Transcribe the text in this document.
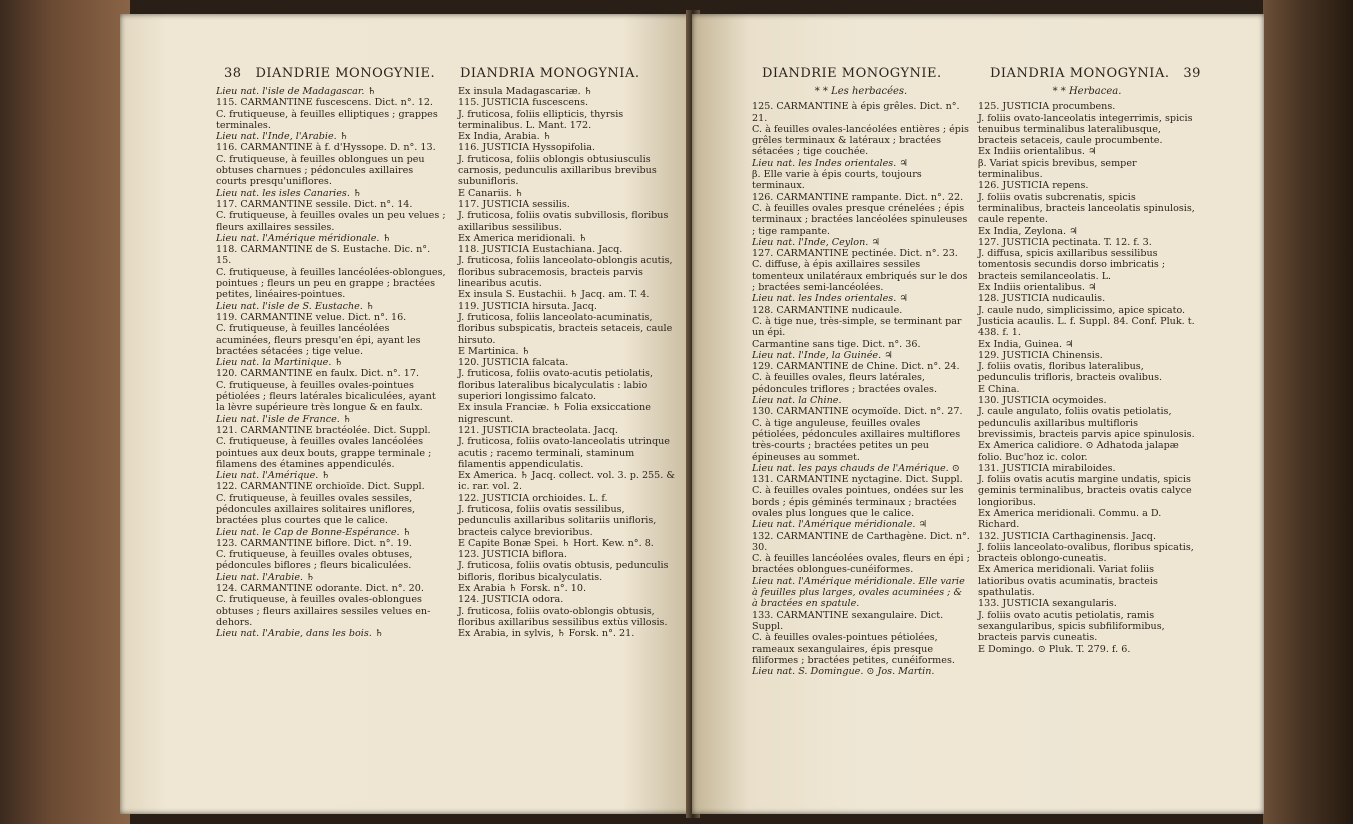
38 DIANDRIE MONOGYNIE. DIANDRIA MONOGYNIA.

Lieu nat. l'isle de Madagascar. ♄

115. CARMANTINE fuscescens. Dict. n°. 12.

C. frutiqueuse, à feuilles elliptiques ; grappes terminales.

Lieu nat. l'Inde, l'Arabie. ♄

116. CARMANTINE à f. d'Hyssope. D. n°. 13.

C. frutiqueuse, à feuilles oblongues un peu obtuses charnues ; pédoncules axillaires courts presqu'uniflores.

Lieu nat. les isles Canaries. ♄

117. CARMANTINE sessile. Dict. n°. 14.

C. frutiqueuse, à feuilles ovales un peu velues ; fleurs axillaires sessiles.

Lieu nat. l'Amérique méridionale. ♄

118. CARMANTINE de S. Eustache. Dic. n°. 15.

C. frutiqueuse, à feuilles lancéolées-oblongues, pointues ; fleurs un peu en grappe ; bractées petites, linéaires-pointues.

Lieu nat. l'isle de S. Eustache. ♄

119. CARMANTINE velue. Dict. n°. 16.

C. frutiqueuse, à feuilles lancéolées acuminées, fleurs presqu'en épi, ayant les bractées sétacées ; tige velue.

Lieu nat. la Martinique. ♄

120. CARMANTINE en faulx. Dict. n°. 17.

C. frutiqueuse, à feuilles ovales-pointues pétiolées ; fleurs latérales bicaliculées, ayant la lèvre supérieure très longue & en faulx.

Lieu nat. l'isle de France. ♄

121. CARMANTINE bractéolée. Dict. Suppl.

C. frutiqueuse, à feuilles ovales lancéolées pointues aux deux bouts, grappe terminale ; filamens des étamines appendiculés.

Lieu nat. l'Amérique. ♄

122. CARMANTINE orchioïde. Dict. Suppl.

C. frutiqueuse, à feuilles ovales sessiles, pédoncules axillaires solitaires uniflores, bractées plus courtes que le calice.

Lieu nat. le Cap de Bonne-Espérance. ♄

123. CARMANTINE biflore. Dict. n°. 19.

C. frutiqueuse, à feuilles ovales obtuses, pédoncules biflores ; fleurs bicaliculées.

Lieu nat. l'Arabie. ♄

124. CARMANTINE odorante. Dict. n°. 20.

C. frutiqueuse, à feuilles ovales-oblongues obtuses ; fleurs axillaires sessiles velues en-dehors.

Lieu nat. l'Arabie, dans les bois. ♄

Ex insula Madagascariæ. ♄

115. JUSTICIA fuscescens.

J. fruticosa, foliis ellipticis, thyrsis terminalibus. L. Mant. 172.

Ex India, Arabia. ♄

116. JUSTICIA Hyssopifolia.

J. fruticosa, foliis oblongis obtusiusculis carnosis, pedunculis axillaribus brevibus subunifloris.

E Canariis. ♄

117. JUSTICIA sessilis.

J. fruticosa, foliis ovatis subvillosis, floribus axillaribus sessilibus.

Ex America meridionali. ♄

118. JUSTICIA Eustachiana. Jacq.

J. fruticosa, foliis lanceolato-oblongis acutis, floribus subracemosis, bracteis parvis linearibus acutis.

Ex insula S. Eustachii. ♄ Jacq. am. T. 4.

119. JUSTICIA hirsuta. Jacq.

J. fruticosa, foliis lanceolato-acuminatis, floribus subspicatis, bracteis setaceis, caule hirsuto.

E Martinica. ♄

120. JUSTICIA falcata.

J. fruticosa, foliis ovato-acutis petiolatis, floribus lateralibus bicalyculatis : labio superiori longissimo falcato.

Ex insula Franciæ. ♄ Folia exsiccatione nigrescunt.

121. JUSTICIA bracteolata. Jacq.

J. fruticosa, foliis ovato-lanceolatis utrinque acutis ; racemo terminali, staminum filamentis appendiculatis.

Ex America. ♄ Jacq. collect. vol. 3. p. 255. & ic. rar. vol. 2.

122. JUSTICIA orchioides. L. f.

J. fruticosa, foliis ovatis sessilibus, pedunculis axillaribus solitariis unifloris, bracteis calyce brevioribus.

E Capite Bonæ Spei. ♄ Hort. Kew. n°. 8.

123. JUSTICIA biflora.

J. fruticosa, foliis ovatis obtusis, pedunculis bifloris, floribus bicalyculatis.

Ex Arabia ♄ Forsk. n°. 10.

124. JUSTICIA odora.

J. fruticosa, foliis ovato-oblongis obtusis, floribus axillaribus sessilibus extùs villosis.

Ex Arabia, in sylvis, ♄ Forsk. n°. 21.

DIANDRIE MONOGYNIE.	DIANDRIA MONOGYNIA. 39
* * Les herbacées.

125. CARMANTINE à épis grêles. Dict. n°. 21.

C. à feuilles ovales-lancéolées entières ; épis grêles terminaux & latéraux ; bractées sétacées ; tige couchée.

Lieu nat. les Indes orientales. ♃

β. Elle varie à épis courts, toujours terminaux.

126. CARMANTINE rampante. Dict. n°. 22.

C. à feuilles ovales presque crénelées ; épis terminaux ; bractées lancéolées spinuleuses ; tige rampante.

Lieu nat. l'Inde, Ceylon. ♃

127. CARMANTINE pectinée. Dict. n°. 23.

C. diffuse, à épis axillaires sessiles tomenteux unilatéraux embriqués sur le dos ; bractées semi-lancéolées.

Lieu nat. les Indes orientales. ♃

128. CARMANTINE nudicaule.

C. à tige nue, très-simple, se terminant par un épi.

Carmantine sans tige. Dict. n°. 36.

Lieu nat. l'Inde, la Guinée. ♃

129. CARMANTINE de Chine. Dict. n°. 24.

C. à feuilles ovales, fleurs latérales, pédoncules triflores ; bractées ovales.

Lieu nat. la Chine.

130. CARMANTINE ocymoïde. Dict. n°. 27.

C. à tige anguleuse, feuilles ovales pétiolées, pédoncules axillaires multiflores très-courts ; bractées petites un peu épineuses au sommet.

Lieu nat. les pays chauds de l'Amérique. ⊙

131. CARMANTINE nyctagine. Dict. Suppl.

C. à feuilles ovales pointues, ondées sur les bords ; épis géminés terminaux ; bractées ovales plus longues que le calice.

Lieu nat. l'Amérique méridionale. ♃

132. CARMANTINE de Carthagène. Dict. n°. 30.

C. à feuilles lancéolées ovales, fleurs en épi ; bractées oblongues-cunéiformes.

Lieu nat. l'Amérique méridionale. Elle varie à feuilles plus larges, ovales acuminées ; & à bractées en spatule.

133. CARMANTINE sexangulaire. Dict. Suppl.

C. à feuilles ovales-pointues pétiolées, rameaux sexangulaires, épis presque filiformes ; bractées petites, cunéiformes.

Lieu nat. S. Domingue. ⊙ Jos. Martin.

* * Herbacea.

125. JUSTICIA procumbens.

J. foliis ovato-lanceolatis integerrimis, spicis tenuibus terminalibus lateralibusque, bracteis setaceis, caule procumbente.

Ex Indiis orientalibus. ♃

β. Variat spicis brevibus, semper terminalibus.

126. JUSTICIA repens.

J. foliis ovatis subcrenatis, spicis terminalibus, bracteis lanceolatis spinulosis, caule repente.

Ex India, Zeylona. ♃

127. JUSTICIA pectinata. T. 12. f. 3.

J. diffusa, spicis axillaribus sessilibus tomentosis secundis dorso imbricatis ; bracteis semilanceolatis. L.

Ex Indiis orientalibus. ♃

128. JUSTICIA nudicaulis.

J. caule nudo, simplicissimo, apice spicato.

Justicia acaulis. L. f. Suppl. 84. Conf. Pluk. t. 438. f. 1.

Ex India, Guinea. ♃

129. JUSTICIA Chinensis.

J. foliis ovatis, floribus lateralibus, pedunculis trifloris, bracteis ovalibus.

E China.

130. JUSTICIA ocymoides.

J. caule angulato, foliis ovatis petiolatis, pedunculis axillaribus multifloris brevissimis, bracteis parvis apice spinulosis.

Ex America calidiore. ⊙ Adhatoda jalapæ folio. Buc'hoz ic. color.

131. JUSTICIA mirabiloides.

J. foliis ovatis acutis margine undatis, spicis geminis terminalibus, bracteis ovatis calyce longioribus.

Ex America meridionali. Commu. a D. Richard.

132. JUSTICIA Carthaginensis. Jacq.

J. foliis lanceolato-ovalibus, floribus spicatis, bracteis oblongo-cuneatis.

Ex America meridionali. Variat foliis latioribus ovatis acuminatis, bracteis spathulatis.

133. JUSTICIA sexangularis.

J. foliis ovato acutis petiolatis, ramis sexangularibus, spicis subfiliformibus, bracteis parvis cuneatis.

E Domingo. ⊙ Pluk. T. 279. f. 6.
